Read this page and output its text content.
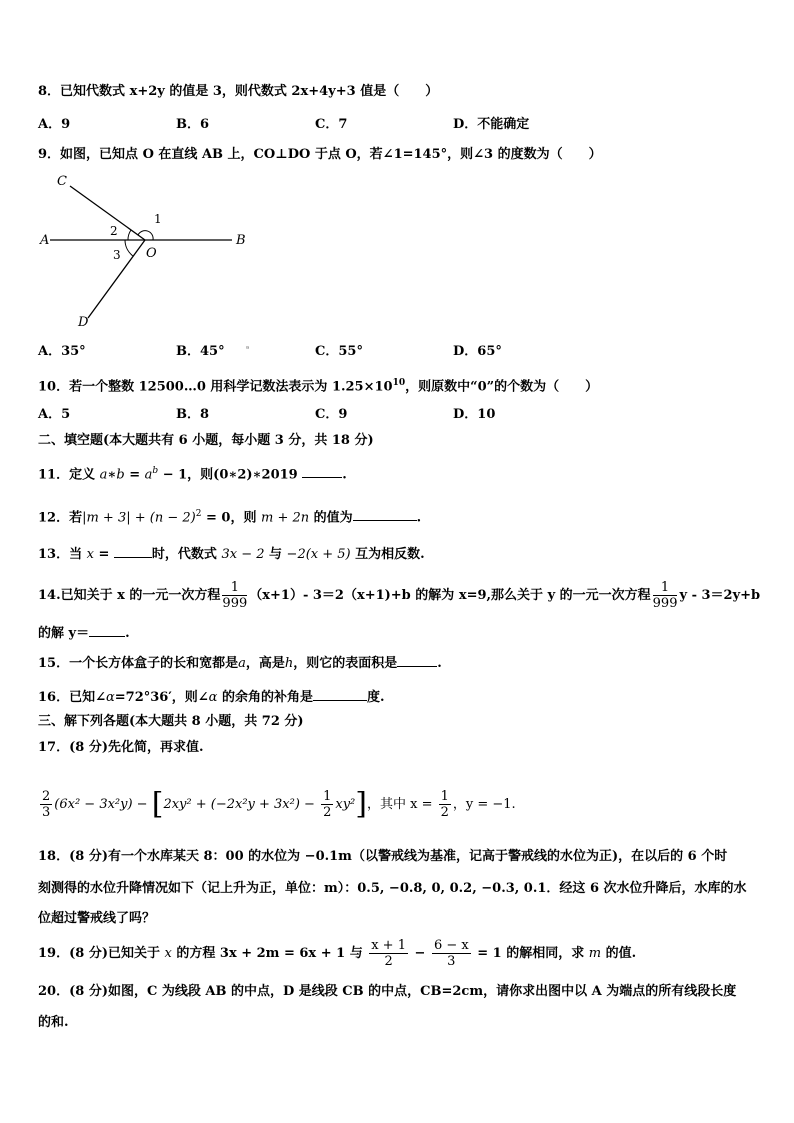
8．已知代数式 x+2y 的值是 3，则代数式 2x+4y+3 值是（　　）
A．9	B．6	C．7	D．不能确定
9．如图，已知点 O 在直线 AB 上，CO⊥DO 于点 O，若∠1=145°，则∠3 的度数为（　　）
C
A	B
D
O
1
2
3
A．35°	B．45°	ᵃ	C．55°	D．65°
10．若一个整数 12500…0 用科学记数法表示为 $1.25\times 10^{10}$，则原数中“0”的个数为（　　）
A．5	B．8	C．9	D．10
二、填空题(本大题共有 6 小题，每小题 3 分，共 18 分)
11．定义 a∗b = $a^b - 1$，则(0∗2)∗2019	.
12．若$|m + 3| + (n - 2)^2 = 0$，则 m + 2n 的值为	.
13．当 x =	时，代数式 3x − 2 与 −2(x + 5) 互为相反数.
14.已知关于 x 的一元一次方程 $\frac{1}{999} (x+1)-$ 3＝2（x+1)+b 的解为 x=9,那么关于 y 的一元一次方程 $\frac{1}{999}$ y - 3＝2y+b
的解 y＝	.
15．一个长方体盒子的长和宽都是a，高是h，则它的表面积是	.
16．已知∠α=72°36′，则∠α 的余角的补角是	度.
三、解下列各题(本大题共 8 小题，共 72 分)
17．(8 分)先化简，再求值.
$\frac{2}{3} (6x^2 - 3x^2y) - [2xy^2 + (-2x^2y + 3x^2) - \frac{1}{2} xy^2]$，其中 $x = \frac{1}{2}$ ，y = −1.
18．(8 分)有一个水库某天 8：00 的水位为 −0.1m（以警戒线为基准，记高于警戒线的水位为正)，在以后的 6 个时
刻测得的水位升降情况如下（记上升为正，单位：m）：0.5, −0.8, 0, 0.2, −0.3, 0.1．经这 6 次水位升降后，水库的水
位超过警戒线了吗？
19．(8 分)已知关于 x 的方程 3x + 2m = 6x + 1 与 $\frac{x + 1}{2} - \frac{6 - x}{3} = 1$ 的解相同，求 m 的值.
20．(8 分)如图，C 为线段 AB 的中点，D 是线段 CB 的中点，CB=2cm，请你求出图中以 A 为端点的所有线段长度
的和.
